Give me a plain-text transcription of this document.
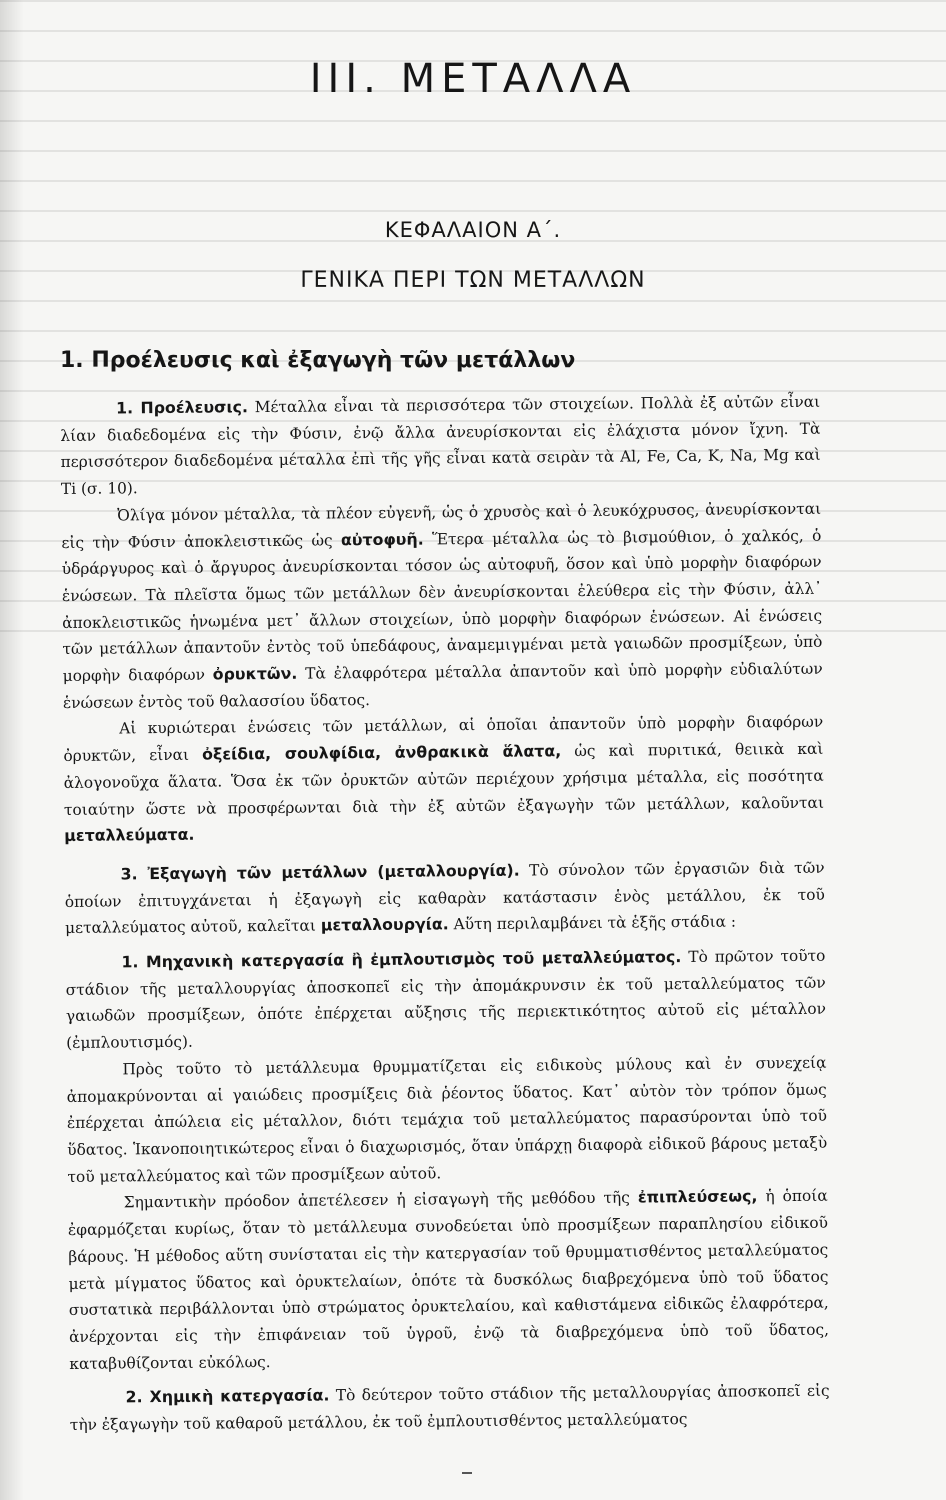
ΙΙΙ. ΜΕΤΑΛΛΑ
ΚΕΦΑΛΑΙΟΝ Α΄.
ΓΕΝΙΚΑ ΠΕΡΙ ΤΩΝ ΜΕΤΑΛΛΩΝ
1. Προέλευσις καὶ ἐξαγωγὴ τῶν μετάλλων

1. Προέλευσις. Μέταλλα εἶναι τὰ περισσότερα τῶν στοιχείων. Πολλὰ ἐξ αὐτῶν εἶναι λίαν διαδεδομένα εἰς τὴν Φύσιν, ἐνῷ ἄλλα ἀνευρίσκονται εἰς ἐλάχιστα μόνον ἴχνη. Τὰ περισσότερον διαδεδομένα μέταλλα ἐπὶ τῆς γῆς εἶναι κατὰ σειρὰν τὰ Al, Fe, Ca, K, Na, Mg καὶ Ti (σ. 10).

Ὀλίγα μόνον μέταλλα, τὰ πλέον εὐγενῆ, ὡς ὁ χρυσὸς καὶ ὁ λευκόχρυσος, ἀνευρίσκονται εἰς τὴν Φύσιν ἀποκλειστικῶς ὡς αὐτοφυῆ. Ἕτερα μέταλλα ὡς τὸ βισμούθιον, ὁ χαλκός, ὁ ὑδράργυρος καὶ ὁ ἄργυρος ἀνευρίσκονται τόσον ὡς αὐτοφυῆ, ὅσον καὶ ὑπὸ μορφὴν διαφόρων ἑνώσεων. Τὰ πλεῖστα ὅμως τῶν μετάλλων δὲν ἀνευρίσκονται ἐλεύθερα εἰς τὴν Φύσιν, ἀλλ᾿ ἀποκλειστικῶς ἡνωμένα μετ᾿ ἄλλων στοιχείων, ὑπὸ μορφὴν διαφόρων ἑνώσεων. Αἱ ἑνώσεις τῶν μετάλλων ἀπαντοῦν ἐντὸς τοῦ ὑπεδάφους, ἀναμεμιγμέναι μετὰ γαιωδῶν προσμίξεων, ὑπὸ μορφὴν διαφόρων ὀρυκτῶν. Τὰ ἐλαφρότερα μέταλλα ἀπαντοῦν καὶ ὑπὸ μορφὴν εὐδιαλύτων ἑνώσεων ἐντὸς τοῦ θαλασσίου ὕδατος.

Αἱ κυριώτεραι ἑνώσεις τῶν μετάλλων, αἱ ὁποῖαι ἀπαντοῦν ὑπὸ μορφὴν διαφόρων ὀρυκτῶν, εἶναι ὀξείδια, σουλφίδια, ἀνθρακικὰ ἅλατα, ὡς καὶ πυριτικά, θειικὰ καὶ ἀλογονοῦχα ἅλατα. Ὅσα ἐκ τῶν ὀρυκτῶν αὐτῶν περιέχουν χρήσιμα μέταλλα, εἰς ποσότητα τοιαύτην ὥστε νὰ προσφέρωνται διὰ τὴν ἐξ αὐτῶν ἐξαγωγὴν τῶν μετάλλων, καλοῦνται μεταλλεύματα.

3. Ἐξαγωγὴ τῶν μετάλλων (μεταλλουργία). Τὸ σύνολον τῶν ἐργασιῶν διὰ τῶν ὁποίων ἐπιτυγχάνεται ἡ ἐξαγωγὴ εἰς καθαρὰν κατάστασιν ἑνὸς μετάλλου, ἐκ τοῦ μεταλλεύματος αὐτοῦ, καλεῖται μεταλλουργία. Αὕτη περιλαμβάνει τὰ ἑξῆς στάδια :

1. Μηχανικὴ κατεργασία ἢ ἐμπλουτισμὸς τοῦ μεταλλεύματος. Τὸ πρῶτον τοῦτο στάδιον τῆς μεταλλουργίας ἀποσκοπεῖ εἰς τὴν ἀπομάκρυνσιν ἐκ τοῦ μεταλλεύματος τῶν γαιωδῶν προσμίξεων, ὁπότε ἐπέρχεται αὔξησις τῆς περιεκτικότητος αὐτοῦ εἰς μέταλλον (ἐμπλουτισμός).

Πρὸς τοῦτο τὸ μετάλλευμα θρυμματίζεται εἰς ειδικοὺς μύλους καὶ ἐν συνεχείᾳ ἀπομακρύνονται αἱ γαιώδεις προσμίξεις διὰ ῥέοντος ὕδατος. Κατ᾿ αὐτὸν τὸν τρόπον ὅμως ἐπέρχεται ἀπώλεια εἰς μέταλλον, διότι τεμάχια τοῦ μεταλλεύματος παρασύρονται ὑπὸ τοῦ ὕδατος. Ἱκανοποιητικώτερος εἶναι ὁ διαχωρισμός, ὅταν ὑπάρχῃ διαφορὰ εἰδικοῦ βάρους μεταξὺ τοῦ μεταλλεύματος καὶ τῶν προσμίξεων αὐτοῦ.

Σημαντικὴν πρόοδον ἀπετέλεσεν ἡ εἰσαγωγὴ τῆς μεθόδου τῆς ἐπιπλεύσεως, ἡ ὁποία ἐφαρμόζεται κυρίως, ὅταν τὸ μετάλλευμα συνοδεύεται ὑπὸ προσμίξεων παραπλησίου εἰδικοῦ βάρους. Ἡ μέθοδος αὕτη συνίσταται εἰς τὴν κατεργασίαν τοῦ θρυμματισθέντος μεταλλεύματος μετὰ μίγματος ὕδατος καὶ ὀρυκτελαίων, ὁπότε τὰ δυσκόλως διαβρεχόμενα ὑπὸ τοῦ ὕδατος συστατικὰ περιβάλλονται ὑπὸ στρώματος ὀρυκτελαίου, καὶ καθιστάμενα εἰδικῶς ἐλαφρότερα, ἀνέρχονται εἰς τὴν ἐπιφάνειαν τοῦ ὑγροῦ, ἐνῷ τὰ διαβρεχόμενα ὑπὸ τοῦ ὕδατος, καταβυθίζονται εὐκόλως.

2. Χημικὴ κατεργασία. Τὸ δεύτερον τοῦτο στάδιον τῆς μεταλλουργίας ἀποσκοπεῖ εἰς τὴν ἐξαγωγὴν τοῦ καθαροῦ μετάλλου, ἐκ τοῦ ἐμπλουτισθέντος μεταλλεύματος
